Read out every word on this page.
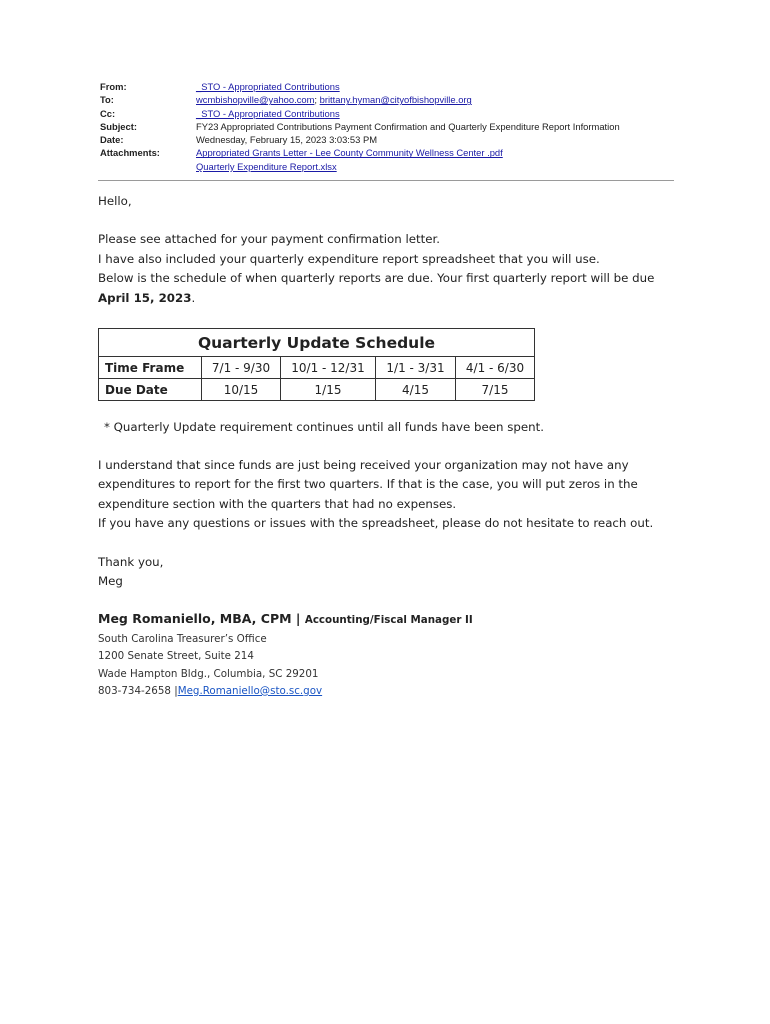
From:	_STO - Appropriated Contributions
To:	wcmbishopville@yahoo.com; brittany.hyman@cityofbishopville.org
Cc:	_STO - Appropriated Contributions
Subject:	FY23 Appropriated Contributions Payment Confirmation and Quarterly Expenditure Report Information
Date:	Wednesday, February 15, 2023 3:03:53 PM
Attachments:	Appropriated Grants Letter - Lee County Community Wellness Center .pdf
Quarterly Expenditure Report.xlsx

Hello,

Please see attached for your payment confirmation letter.

I have also included your quarterly expenditure report spreadsheet that you will use.

Below is the schedule of when quarterly reports are due. Your first quarterly report will be due April 15, 2023.

Quarterly Update Schedule				
Time Frame	7/1 - 9/30	10/1 - 12/31	1/1 - 3/31	4/1 - 6/30
Due Date	10/15	1/15	4/15	7/15
* Quarterly Update requirement continues until all funds have been spent.

I understand that since funds are just being received your organization may not have any expenditures to report for the first two quarters. If that is the case, you will put zeros in the expenditure section with the quarters that had no expenses.

If you have any questions or issues with the spreadsheet, please do not hesitate to reach out.

Thank you,

Meg

Meg Romaniello, MBA, CPM | Accounting/Fiscal Manager II
South Carolina Treasurer’s Office
1200 Senate Street, Suite 214
Wade Hampton Bldg., Columbia, SC 29201
803-734-2658 |Meg.Romaniello@sto.sc.gov
